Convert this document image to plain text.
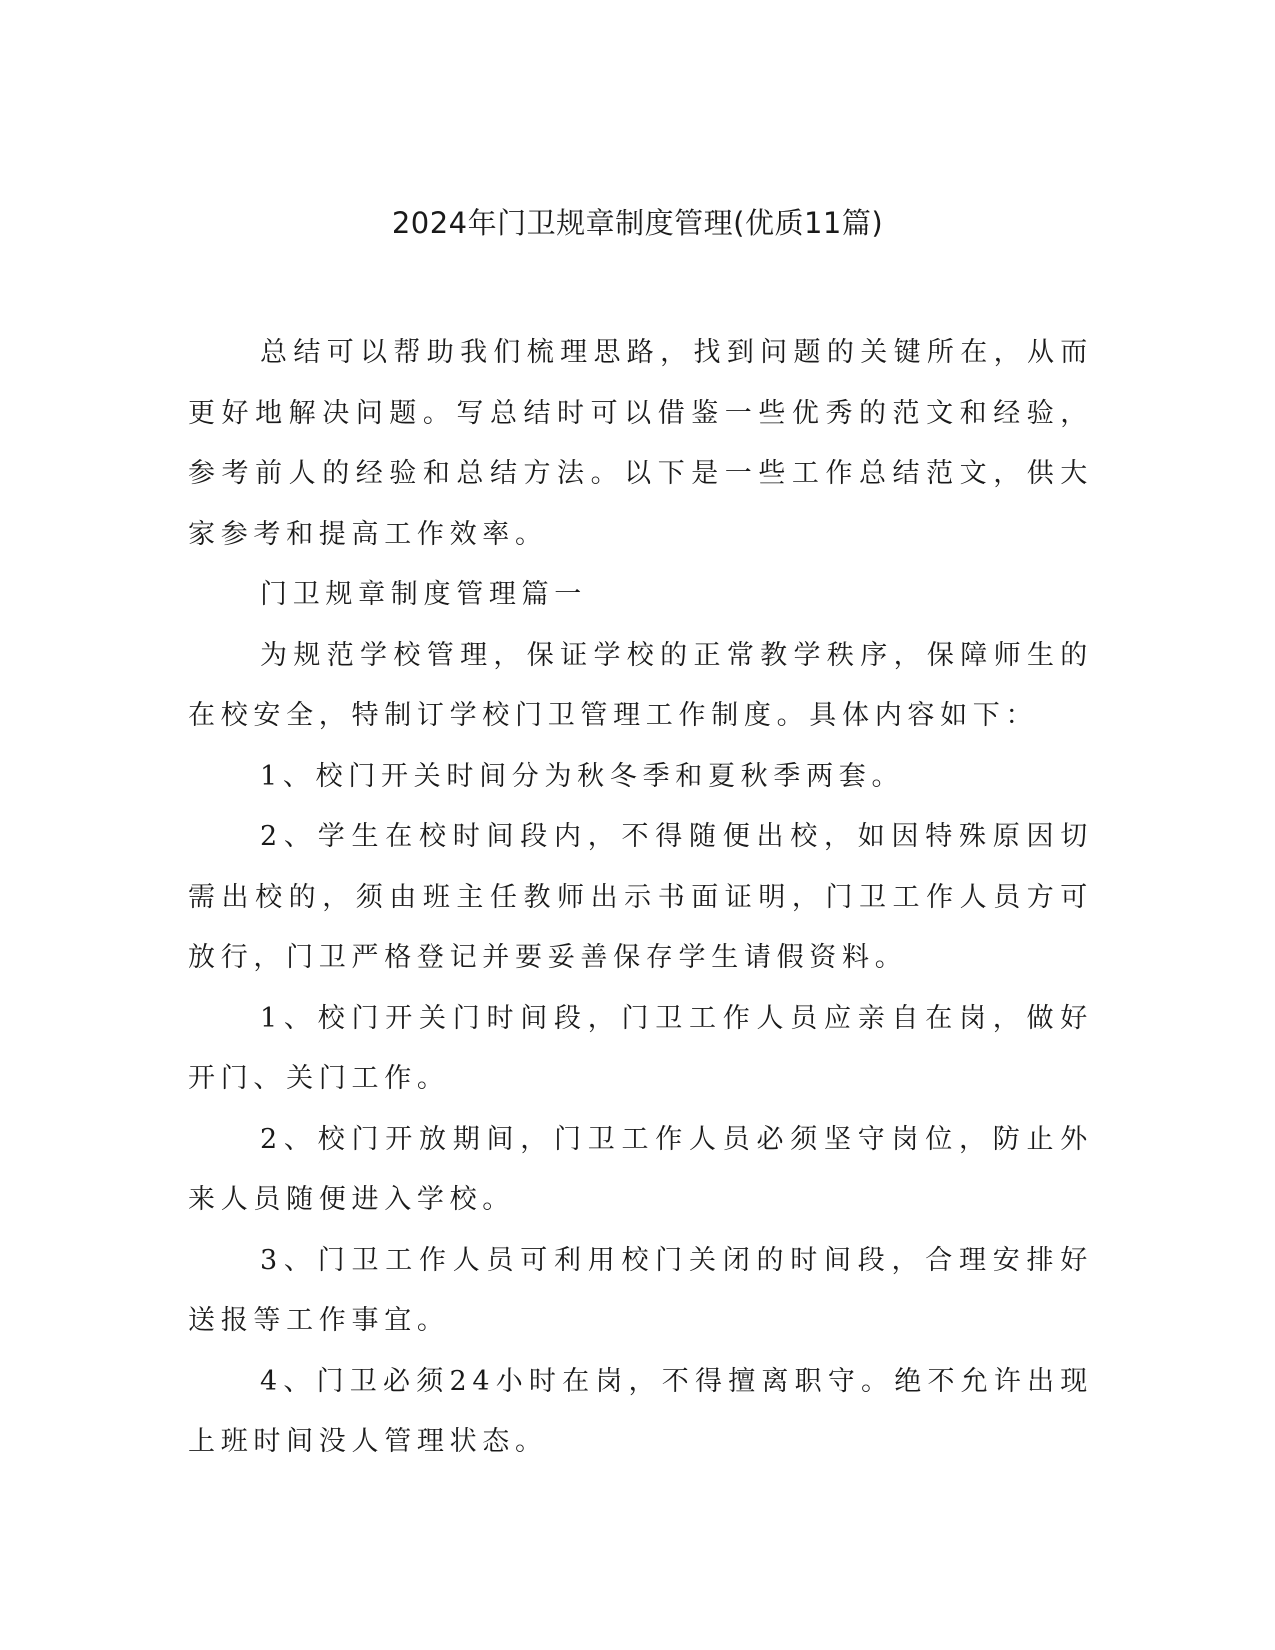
2024年门卫规章制度管理(优质11篇)

总结可以帮助我们梳理思路，找到问题的关键所在，从而更好地解决问题。写总结时可以借鉴一些优秀的范文和经验，参考前人的经验和总结方法。以下是一些工作总结范文，供大家参考和提高工作效率。

门卫规章制度管理篇一

为规范学校管理，保证学校的正常教学秩序，保障师生的在校安全，特制订学校门卫管理工作制度。具体内容如下：

1、校门开关时间分为秋冬季和夏秋季两套。

2、学生在校时间段内，不得随便出校，如因特殊原因切需出校的，须由班主任教师出示书面证明，门卫工作人员方可放行，门卫严格登记并要妥善保存学生请假资料。

1、校门开关门时间段，门卫工作人员应亲自在岗，做好开门、关门工作。

2、校门开放期间，门卫工作人员必须坚守岗位，防止外来人员随便进入学校。

3、门卫工作人员可利用校门关闭的时间段，合理安排好送报等工作事宜。

4、门卫必须24小时在岗，不得擅离职守。绝不允许出现上班时间没人管理状态。
